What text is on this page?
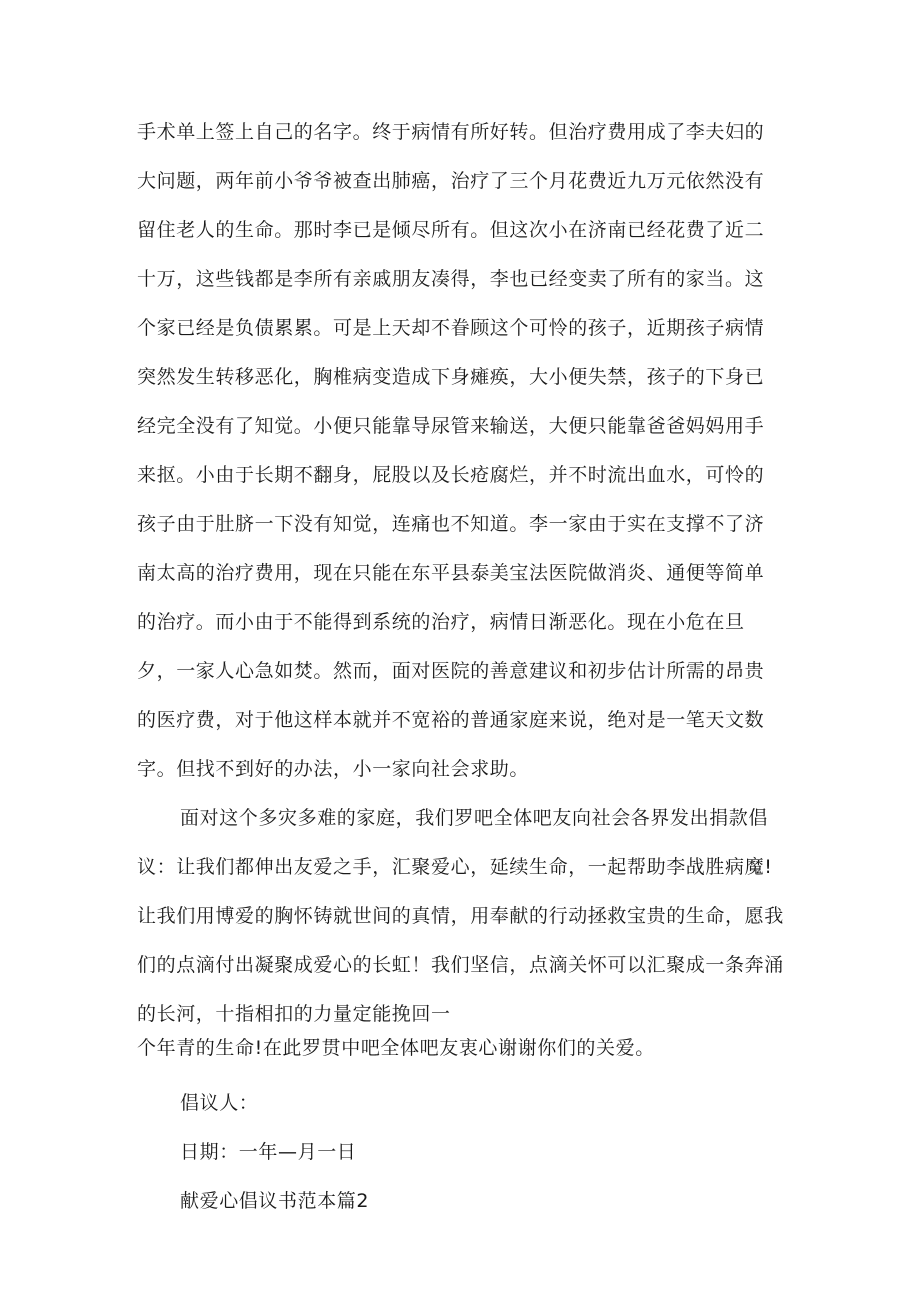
手术单上签上自己的名字。终于病情有所好转。但治疗费用成了李夫妇的
大问题，两年前小爷爷被查出肺癌，治疗了三个月花费近九万元依然没有
留住老人的生命。那时李已是倾尽所有。但这次小在济南已经花费了近二
十万，这些钱都是李所有亲戚朋友凑得，李也已经变卖了所有的家当。这
个家已经是负债累累。可是上天却不眷顾这个可怜的孩子，近期孩子病情
突然发生转移恶化，胸椎病变造成下身瘫痪，大小便失禁，孩子的下身已
经完全没有了知觉。小便只能靠导尿管来输送，大便只能靠爸爸妈妈用手
来抠。小由于长期不翻身，屁股以及长疮腐烂，并不时流出血水，可怜的
孩子由于肚脐一下没有知觉，连痛也不知道。李一家由于实在支撑不了济
南太高的治疗费用，现在只能在东平县泰美宝法医院做消炎、通便等简单
的治疗。而小由于不能得到系统的治疗，病情日渐恶化。现在小危在旦
夕，一家人心急如焚。然而，面对医院的善意建议和初步估计所需的昂贵
的医疗费，对于他这样本就并不宽裕的普通家庭来说，绝对是一笔天文数
字。但找不到好的办法，小一家向社会求助。
面对这个多灾多难的家庭，我们罗吧全体吧友向社会各界发出捐款倡
议：让我们都伸出友爱之手，汇聚爱心，延续生命，一起帮助李战胜病魔!
让我们用博爱的胸怀铸就世间的真情，用奉献的行动拯救宝贵的生命，愿我
们的点滴付出凝聚成爱心的长虹！我们坚信，点滴关怀可以汇聚成一条奔涌
的长河，十指相扣的力量定能挽回一
个年青的生命!在此罗贯中吧全体吧友衷心谢谢你们的关爱。
倡议人：
日期：一年—月一日
献爱心倡议书范本篇2
